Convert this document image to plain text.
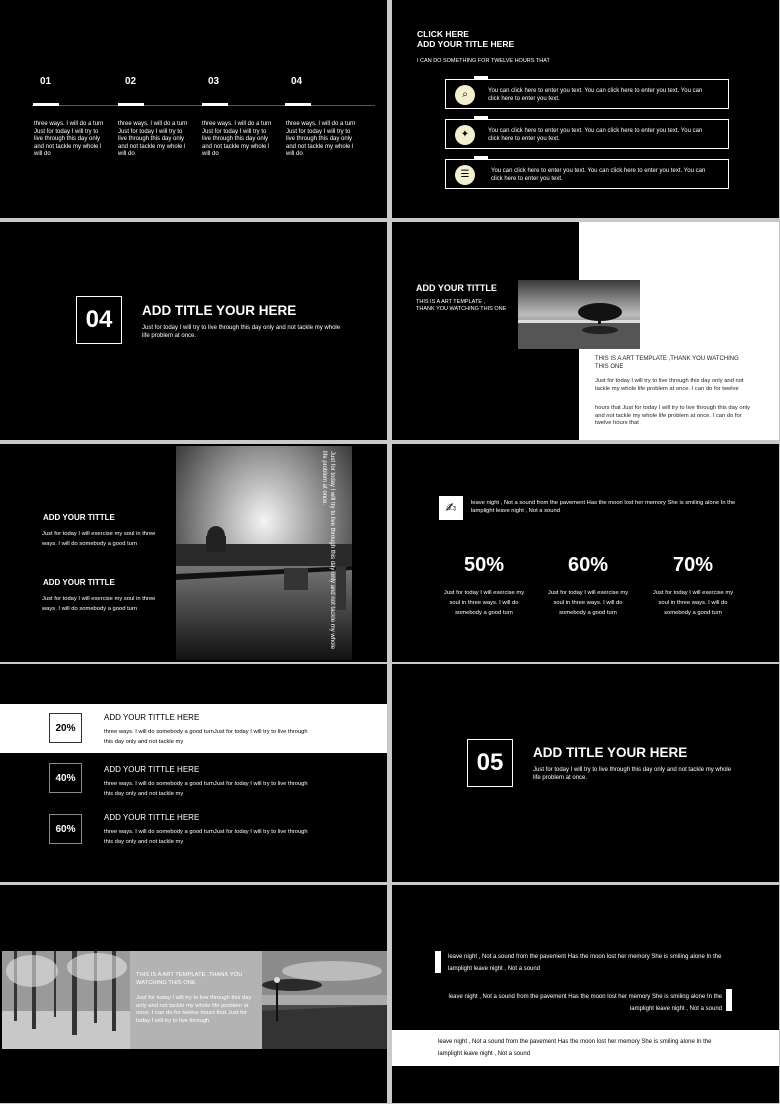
01
three ways. I will do a turn Just for today I will try to live through this day only and not tackle my whole l will do
02
three ways. I will do a turn Just for today I will try to live through this day only and not tackle my whole l will do
03
three ways. I will do a turn Just for today I will try to live through this day only and not tackle my whole l will do
04
three ways. I will do a turn Just for today I will try to live through this day only and not tackle my whole l will do
CLICK HERE
ADD YOUR TITLE HERE
I CAN DO SOMETHING FOR TWELVE HOURS THAT
⌕	You can click here to enter you text. You can click here to enter you text. You can click here to enter you text.
✦	You can click here to enter you text. You can click here to enter you text. You can click here to enter you text.
☰	You can click here to enter you text. You can click here to enter you text. You can click here to enter you text.
04	ADD TITLE YOUR HERE
Just for today I will try to live through this day only and not tackle my whole life problem at once.
ADD YOUR TITTLE
THIS IS A ART TEMPLATE ,
THANK YOU WATCHING THIS ONE
THIS IS A ART TEMPLATE ,THANK YOU WATCHING THIS ONE
Just for today I will try to live through this day only and not tackle my whole life problem at once. I can do for twelve
hours that Just for today I will try to live through this day only and not tackle my whole life problem at once. I can do for twelve hours that
ADD YOUR TITTLE
Just for today I will exercise my soul in three ways. I will do somebody a good turn
ADD YOUR TITTLE
Just for today I will exercise my soul in three ways. I will do somebody a good turn	Just for today I will try to live through this day only and not tackle my whole life problem at once.
✍	leave night , Not a sound from the pavement Has the moon lost her memory She is smiling alone In the lamplight leave night , Not a sound
50%
Just for today I will exercise my soul in three ways. I will do somebody a good turn
60%
Just for today I will exercise my soul in three ways. I will do somebody a good turn
70%
Just for today I will exercise my soul in three ways. I will do somebody a good turn
20%
ADD YOUR TITTLE HERE
three ways. I will do somebody a good turnJust for today I will try to live through this day only and not tackle my
40%
ADD YOUR TITTLE HERE
three ways. I will do somebody a good turnJust for today I will try to live through this day only and not tackle my
60%
ADD YOUR TITTLE HERE
three ways. I will do somebody a good turnJust for today I will try to live through this day only and not tackle my
05	ADD TITLE YOUR HERE
Just for today I will try to live through this day only and not tackle my whole life problem at once.
THIS IS A ART TEMPLATE ,THANK YOU WATCHING THIS ONE
Just for today I will try to live through this day only and not tackle my whole life problem at once. I can do for twelve hours that Just for today I will try to live through
leave night , Not a sound from the pavement Has the moon lost her memory She is smiling alone In the lamplight leave night , Not a sound
leave night , Not a sound from the pavement Has the moon lost her memory She is smiling alone In the lamplight leave night , Not a sound
leave night , Not a sound from the pavement Has the moon lost her memory She is smiling alone In the lamplight leave night , Not a sound
